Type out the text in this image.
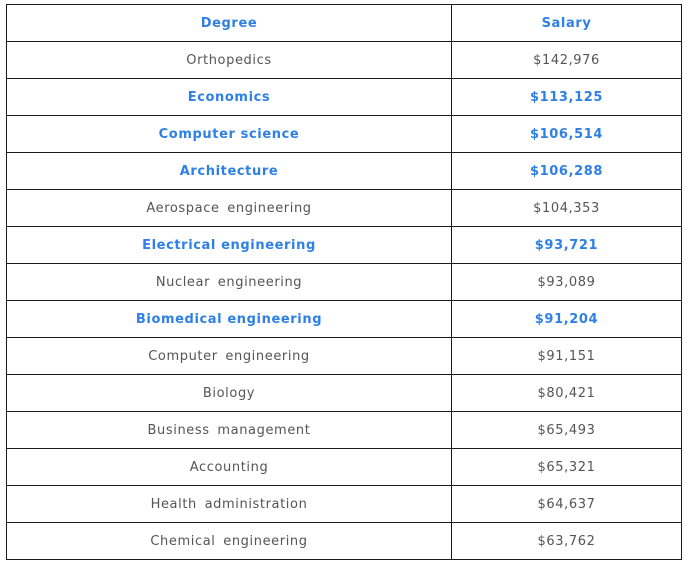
Degree	Salary
Orthopedics	$142,976
Economics	$113,125
Computer science	$106,514
Architecture	$106,288
Aerospace engineering	$104,353
Electrical engineering	$93,721
Nuclear engineering	$93,089
Biomedical engineering	$91,204
Computer engineering	$91,151
Biology	$80,421
Business management	$65,493
Accounting	$65,321
Health administration	$64,637
Chemical engineering	$63,762
